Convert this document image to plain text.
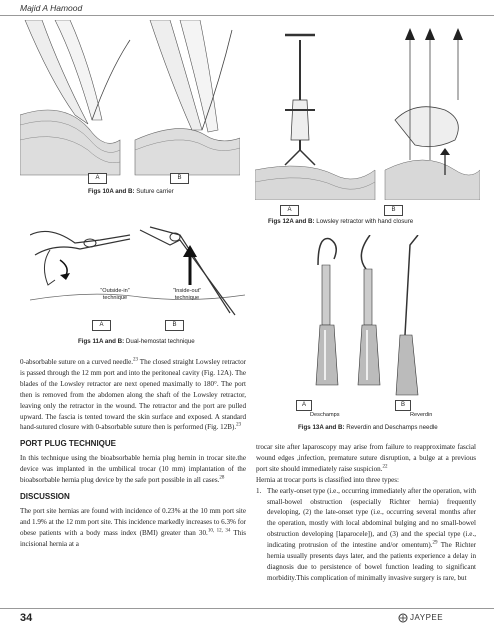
Majid A Hamood
A	B
Figs 10A and B: Suture carrier
“Outside-in”
technique
“Inside-out”
technique
A	B
Figs 11A and B: Dual-hemostat technique
A	B
Figs 12A and B: Lowsley retractor with hand closure
A	B
Deschamps	Reverdin
Figs 13A and B: Reverdin and Deschamps needle

0-absorbable suture on a curved needle.$^{23}$ The closed straight Lowsley retractor is passed through the 12 mm port and into the peritoneal cavity (Fig. 12A). The blades of the Lowsley retractor are next opened maximally to 180°. The port then is removed from the abdomen along the shaft of the Lowsley retractor, leaving only the retractor in the wound. The retractor and the port are pulled upward. The fascia is tented toward the skin surface and exposed. A standard hand-sutured closure with 0-absorbable suture then is performed (Fig. 12B).$^{23}$

PORT PLUG TECHNIQUE

In this technique using the bioabsorbable hernia plug hernin in trocar site.the device was implanted in the umbilical trocar (10 mm) implantation of the bioabsorbable hernia plug device by the safe port possible in all cases.$^{28}$

DISCUSSION

The port site hernias are found with incidence of 0.23% at the 10 mm port site and 1.9% at the 12 mm port site. This incidence markedly increases to 6.3% for obese patients with a body mass index (BMI) greater than 30.$^{10, 12, 34}$ This incisional hernia at a

trocar site after laparoscopy may arise from failure to reapproximate fascial wound edges ,infection, premature suture disruption, a bulge at a previous port site should immediately raise suspicion.$^{22}$

Hernia at trocar ports is classified into three types:

1. The early-onset type (i.e., occurring immediately after the operation, with small-bowel obstruction (especially Richter hernia) frequently developing, (2) the late-onset type (i.e., occurring several months after the operation, mostly with local abdominal bulging and no small-bowel obstruction developing [laparocele]), and (3) and the special type (i.e., indicating protrusion of the intestine and/or omentum).$^{29}$ The Richter hernia usually presents days later, and the patients experience a delay in diagnosis due to persistence of bowel function leading to significant morbidity.This complication of minimally invasive surgery is rare, but

34	JAYPEE
